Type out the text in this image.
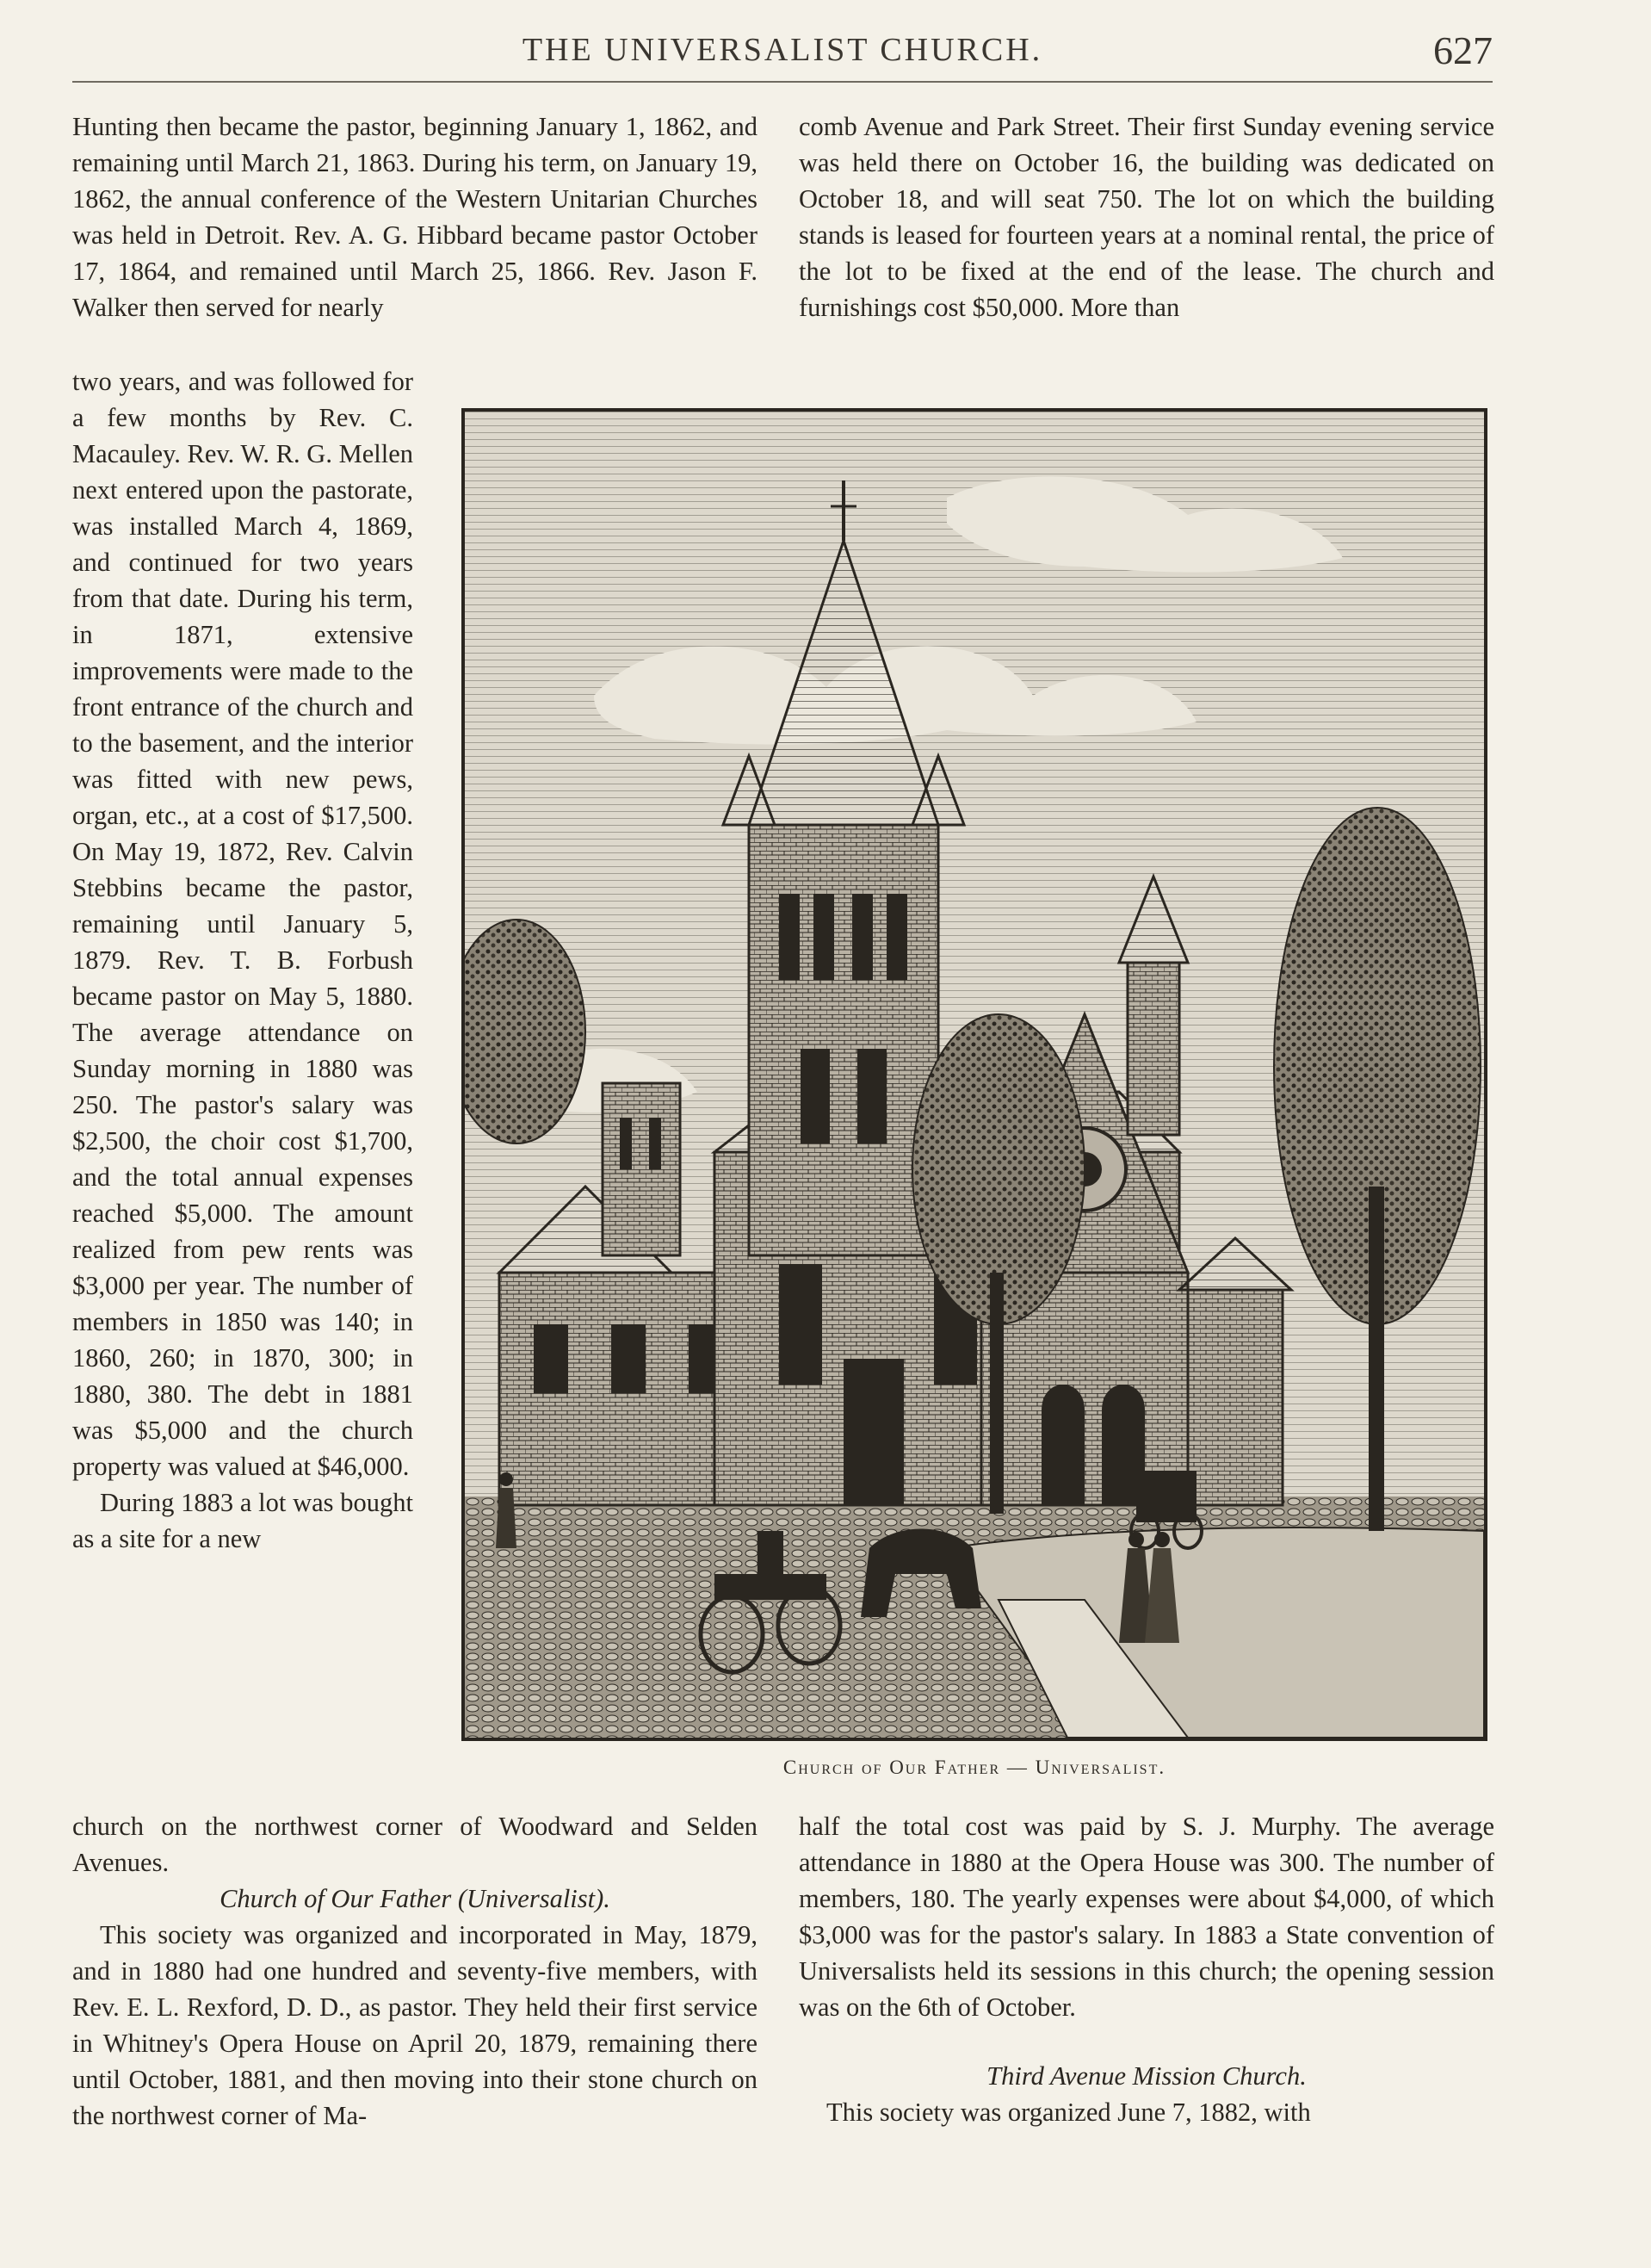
THE UNIVERSALIST CHURCH.	627

Hunting then became the pastor, beginning January 1, 1862, and remaining until March 21, 1863. During his term, on January 19, 1862, the annual conference of the Western Unitarian Churches was held in Detroit. Rev. A. G. Hibbard became pastor October 17, 1864, and remained until March 25, 1866. Rev. Jason F. Walker then served for nearly

comb Avenue and Park Street. Their first Sunday evening service was held there on October 16, the building was dedicated on October 18, and will seat 750. The lot on which the building stands is leased for fourteen years at a nominal rental, the price of the lot to be fixed at the end of the lease. The church and furnishings cost $50,000. More than

two years, and was followed for a few months by Rev. C. Macauley. Rev. W. R. G. Mellen next entered upon the pastorate, was installed March 4, 1869, and continued for two years from that date. During his term, in 1871, extensive improvements were made to the front entrance of the church and to the basement, and the interior was fitted with new pews, organ, etc., at a cost of $17,500. On May 19, 1872, Rev. Calvin Stebbins became the pastor, remaining until January 5, 1879. Rev. T. B. Forbush became pastor on May 5, 1880. The average attendance on Sunday morning in 1880 was 250. The pastor's salary was $2,500, the choir cost $1,700, and the total annual expenses reached $5,000. The amount realized from pew rents was $3,000 per year. The number of members in 1850 was 140; in 1860, 260; in 1870, 300; in 1880, 380. The debt in 1881 was $5,000 and the church property was valued at $46,000.

During 1883 a lot was bought as a site for a new

Church of Our Father — Universalist.

church on the northwest corner of Woodward and Selden Avenues.

Church of Our Father (Universalist).

This society was organized and incorporated in May, 1879, and in 1880 had one hundred and seventy-five members, with Rev. E. L. Rexford, D. D., as pastor. They held their first service in Whitney's Opera House on April 20, 1879, remaining there until October, 1881, and then moving into their stone church on the northwest corner of Ma-

half the total cost was paid by S. J. Murphy. The average attendance in 1880 at the Opera House was 300. The number of members, 180. The yearly expenses were about $4,000, of which $3,000 was for the pastor's salary. In 1883 a State convention of Universalists held its sessions in this church; the opening session was on the 6th of October.

Third Avenue Mission Church.

This society was organized June 7, 1882, with
